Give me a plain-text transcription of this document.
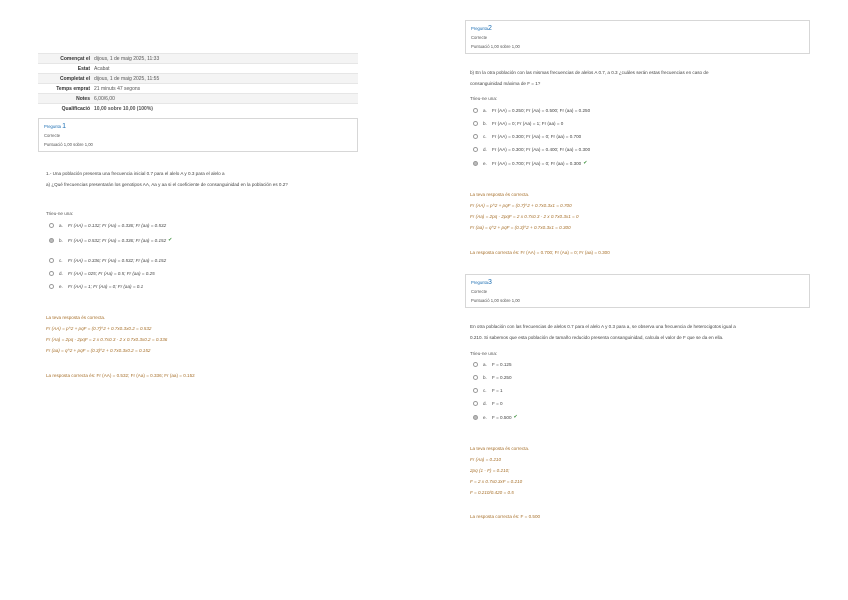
Començat el dijous, 1 de maig 2025, 11:33
Estat Acabat
Completat el dijous, 1 de maig 2025, 11:55
Temps emprat 21 minuts 47 segons
Notes 6,00/6,00
Qualificació 10,00 sobre 10,00 (100%)
Pregunta 1
Correcte
Puntuació 1,00 sobre 1,00
1.- Una población presenta una frecuencia inicial 0.7 para el alelo A y 0.3 para el alelo a
a) ¿Qué frecuencias presentarán los genotipos AA, Aa y aa si el coeficiente de consanguinidad en la población es 0.2?
Trieu-ne una:
a.	Fr (AA) = 0.132; Fr (Aa) = 0.336; Fr (aa) = 0.532
b.	Fr (AA) = 0.532; Fr (Aa) = 0.336; Fr (aa) = 0.152 ✔
c.	Fr (AA) = 0.336; Fr (Aa) = 0.532; Fr (aa) = 0.152
d.	Fr (AA) = 025; Fr (Aa) = 0.5; Fr (aa) = 0.25
e.	Fr (AA) = 1; Fr (Aa) = 0; Fr (aa) = 0.1
La teva resposta és correcta.
Fr (AA) = p^2 + pqF = (0.7)^2 + 0.7x0.3x0.2 = 0.532
Fr (Aa) = 2pq - 2pqF = 2 x 0.7x0.3 - 2 x 0.7x0.3x0.2 = 0.336
Fr (aa) = q^2 + pqF = (0.3)^2 + 0.7x0.3x0.2 = 0.152
La resposta correcta és: Fr (AA) = 0.532; Fr (Aa) = 0.336; Fr (aa) = 0.152
Pregunta2
Correcte
Puntuació 1,00 sobre 1,00
b) En la otra población con las mismas frecuencias de alelos A 0.7, a 0.3 ¿cuáles serán estas frecuencias en caso de
consanguinidad máxima de F = 1?
Trieu-ne una:
a.	Fr (AA) = 0.250; Fr (Aa) = 0.500; Fr (aa) = 0.250
b.	Fr (AA) = 0; Fr (Aa) = 1; Fr (aa) = 0
c.	Fr (AA) = 0.300; Fr (Aa) = 0; Fr (aa) = 0.700
d.	Fr (AA) = 0.300; Fr (Aa) = 0.400; Fr (aa) = 0.300
e.	Fr (AA) = 0.700; Fr (Aa) = 0; Fr (aa) = 0.300 ✔
La teva resposta és correcta.
Fr (AA) = p^2 + pqF = (0.7)^2 + 0.7x0.3x1 = 0.700
Fr (Aa) = 2pq - 2pqF = 2 x 0.7x0.3 - 2 x 0.7x0.3x1 = 0
Fr (aa) = q^2 + pqF = (0.3)^2 + 0.7x0.3x1 = 0.300
La resposta correcta és: Fr (AA) = 0.700; Fr (Aa) = 0; Fr (aa) = 0.300
Pregunta3
Correcte
Puntuació 1,00 sobre 1,00
En otra población con las frecuencias de alelos 0.7 para el alelo A y 0.3 para a, se observa una frecuencia de heterocigotos igual a
0.210. Si sabemos que esta población de tamaño reducido presenta consanguinidad, calcula el valor de F que se da en ella.
Trieu-ne una:
a.	F = 0.125
b.	F = 0.250
c.	F = 1
d.	F = 0
e.	F = 0.500 ✔
La teva resposta és correcta.
Fr (Aa) = 0.210
2pq (1 - F) = 0.210;
F = 2 x 0.7x0.3xF = 0.210
F = 0.210/0.420 = 0.5
La resposta correcta és: F = 0.500
